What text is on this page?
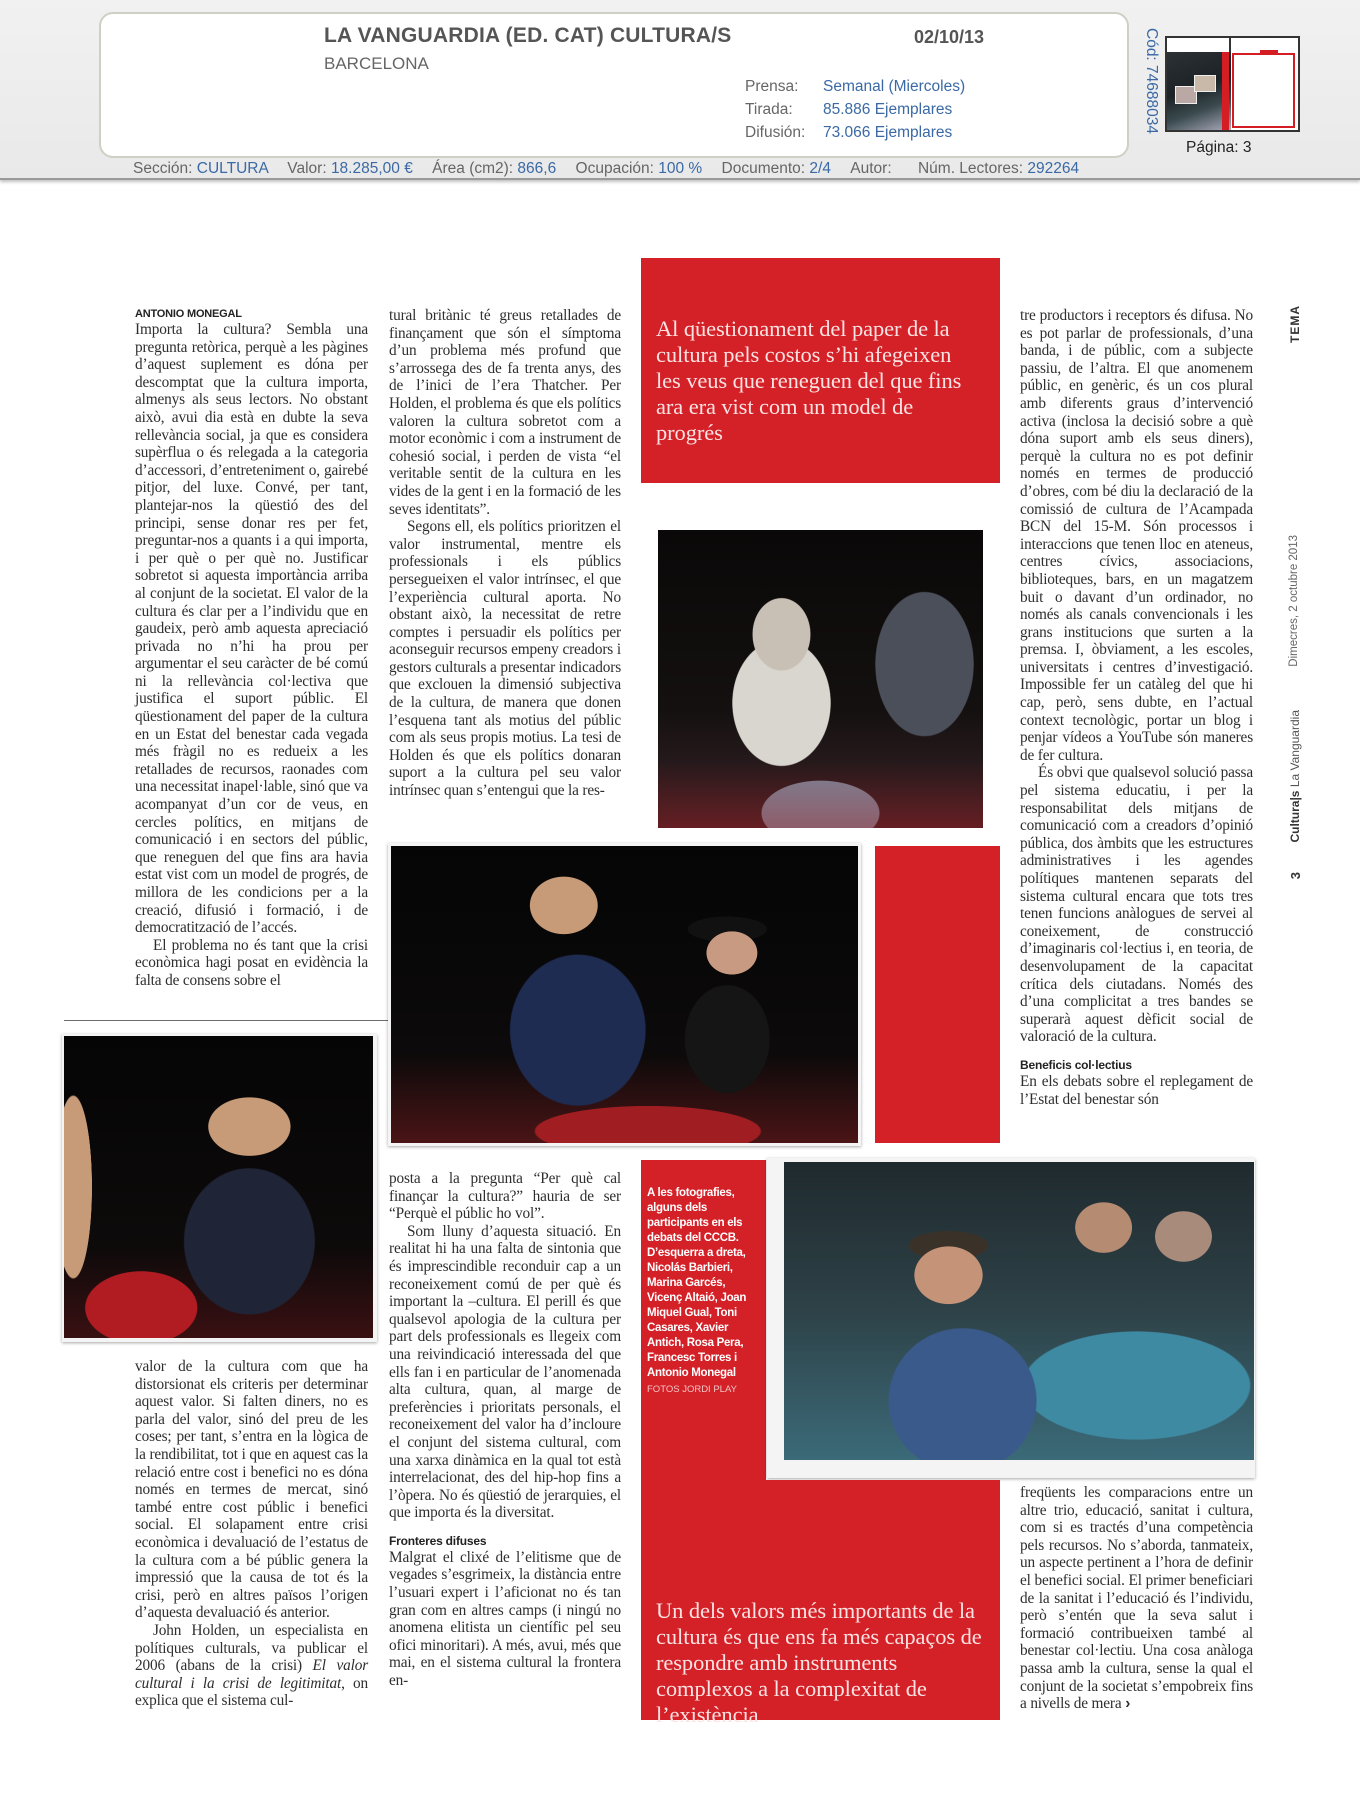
LA VANGUARDIA (ED. CAT) CULTURA/S
BARCELONA
02/10/13
Prensa:	Semanal (Miercoles)
Tirada:	85.886 Ejemplares
Difusión:	73.066 Ejemplares	Cód: 74688034
Página: 3
Sección: CULTURA Valor: 18.285,00 € Área (cm2): 866,6 Ocupación: 100 % Documento: 2/4 Autor: Núm. Lectores: 292264
TEMA
Dimecres, 2 octubre 2013
Cultura|s La Vanguardia
3
ANTONIO MONEGAL

Importa la cultura? Sembla una pregunta retòrica, perquè a les pàgines d’aquest suplement es dóna per descomptat que la cultura importa, almenys als seus lectors. No obstant això, avui dia està en dubte la seva rellevància social, ja que es considera supèrflua o és relegada a la categoria d’accessori, d’entreteniment o, gairebé pitjor, del luxe. Convé, per tant, plantejar-nos la qüestió des del principi, sense donar res per fet, preguntar-nos a quants i a qui importa, i per què o per què no. Justificar sobretot si aquesta importància arriba al conjunt de la societat. El valor de la cultura és clar per a l’individu que en gaudeix, però amb aquesta apreciació privada no n’hi ha prou per argumentar el seu caràcter de bé comú ni la rellevància col·lectiva que justifica el suport públic. El qüestionament del paper de la cultura en un Estat del benestar cada vegada més fràgil no es redueix a les retallades de recursos, raonades com una necessitat inapel·lable, sinó que va acompanyat d’un cor de veus, en cercles polítics, en mitjans de comunicació i en sectors del públic, que reneguen del que fins ara havia estat vist com un model de progrés, de millora de les condicions per a la creació, difusió i formació, i de democratització de l’accés.

El problema no és tant que la crisi econòmica hagi posat en evidència la falta de consens sobre el

valor de la cultura com que ha distorsionat els criteris per determinar aquest valor. Si falten diners, no es parla del valor, sinó del preu de les coses; per tant, s’entra en la lògica de la rendibilitat, tot i que en aquest cas la relació entre cost i benefici no es dóna només en termes de mercat, sinó també entre cost públic i benefici social. El solapament entre crisi econòmica i devaluació de l’estatus de la cultura com a bé públic genera la impressió que la causa de tot és la crisi, però en altres països l’origen d’aquesta devaluació és anterior.

John Holden, un especialista en polítiques culturals, va publicar el 2006 (abans de la crisi) El valor cultural i la crisi de legitimitat, on explica que el sistema cul-

tural britànic té greus retallades de finançament que són el símptoma d’un problema més profund que s’arrossega des de fa trenta anys, des de l’inici de l’era Thatcher. Per Holden, el problema és que els polítics valoren la cultura sobretot com a motor econòmic i com a instrument de cohesió social, i perden de vista “el veritable sentit de la cultura en les vides de la gent i en la formació de les seves identitats”.

Segons ell, els polítics prioritzen el valor instrumental, mentre els professionals i els públics persegueixen el valor intrínsec, el que l’experiència cultural aporta. No obstant això, la necessitat de retre comptes i persuadir els polítics per aconseguir recursos empeny creadors i gestors culturals a presentar indicadors que exclouen la dimensió subjectiva de la cultura, de manera que donen l’esquena tant als motius del públic com als seus propis motius. La tesi de Holden és que els polítics donaran suport a la cultura pel seu valor intrínsec quan s’entengui que la res-

Al qüestionament del paper de la cultura pels costos s’hi afegeixen les veus que reneguen del que fins ara era vist com un model de progrés

tre productors i receptors és difusa. No es pot parlar de professionals, d’una banda, i de públic, com a subjecte passiu, de l’altra. El que anomenem públic, en genèric, és un cos plural amb diferents graus d’intervenció activa (inclosa la decisió sobre a què dóna suport amb els seus diners), perquè la cultura no es pot definir només en termes de producció d’obres, com bé diu la declaració de la comissió de cultura de l’Acampada BCN del 15-M. Són processos i interaccions que tenen lloc en ateneus, centres cívics, associacions, biblioteques, bars, en un magatzem buit o davant d’un ordinador, no només als canals convencionals i les grans institucions que surten a la premsa. I, òbviament, a les escoles, universitats i centres d’investigació. Impossible fer un catàleg del que hi cap, però, sens dubte, en l’actual context tecnològic, portar un blog i penjar vídeos a YouTube són maneres de fer cultura.

És obvi que qualsevol solució passa pel sistema educatiu, i per la responsabilitat dels mitjans de comunicació com a creadors d’opinió pública, dos àmbits que les estructures administratives i les agendes polítiques mantenen separats del sistema cultural encara que tots tres tenen funcions anàlogues de servei al coneixement, de construcció d’imaginaris col·lectius i, en teoria, de desenvolupament de la capacitat crítica dels ciutadans. Només des d’una complicitat a tres bandes se superarà aquest dèficit social de valoració de la cultura.

Beneficis col·lectius

En els debats sobre el replegament de l’Estat del benestar són

posta a la pregunta “Per què cal finançar la cultura?” hauria de ser “Perquè el públic ho vol”.

Som lluny d’aquesta situació. En realitat hi ha una falta de sintonia que és imprescindible reconduir cap a un reconeixement comú de per què és important la –cultura. El perill és que qualsevol apologia de la cultura per part dels professionals es llegeix com una reivindicació interessada del que ells fan i en particular de l’anomenada alta cultura, quan, al marge de preferències i prioritats personals, el reconeixement del valor ha d’incloure el conjunt del sistema cultural, com una xarxa dinàmica en la qual tot està interrelacionat, des del hip-hop fins a l’òpera. No és qüestió de jerarquies, el que importa és la diversitat.

Fronteres difuses

Malgrat el clixé de l’elitisme que de vegades s’esgrimeix, la distància entre l’usuari expert i l’aficionat no és tan gran com en altres camps (i ningú no anomena elitista un científic pel seu ofici minoritari). A més, avui, més que mai, en el sistema cultural la frontera en-

A les fotografies, alguns dels participants en els debats del CCCB. D’esquerra a dreta, Nicolás Barbieri, Marina Garcés, Vicenç Altaió, Joan Miquel Gual, Toni Casares, Xavier Antich, Rosa Pera, Francesc Torres i Antonio Monegal
FOTOS JORDI PLAY
Un dels valors més importants de la cultura és que ens fa més capaços de respondre amb instruments complexos a la complexitat de l’existència

freqüents les comparacions entre un altre trio, educació, sanitat i cultura, com si es tractés d’una competència pels recursos. No s’aborda, tanmateix, un aspecte pertinent a l’hora de definir el benefici social. El primer beneficiari de la sanitat i l’educació és l’individu, però s’entén que la seva salut i formació contribueixen també al benestar col·lectiu. Una cosa anàloga passa amb la cultura, sense la qual el conjunt de la societat s’empobreix fins a nivells de mera ›
